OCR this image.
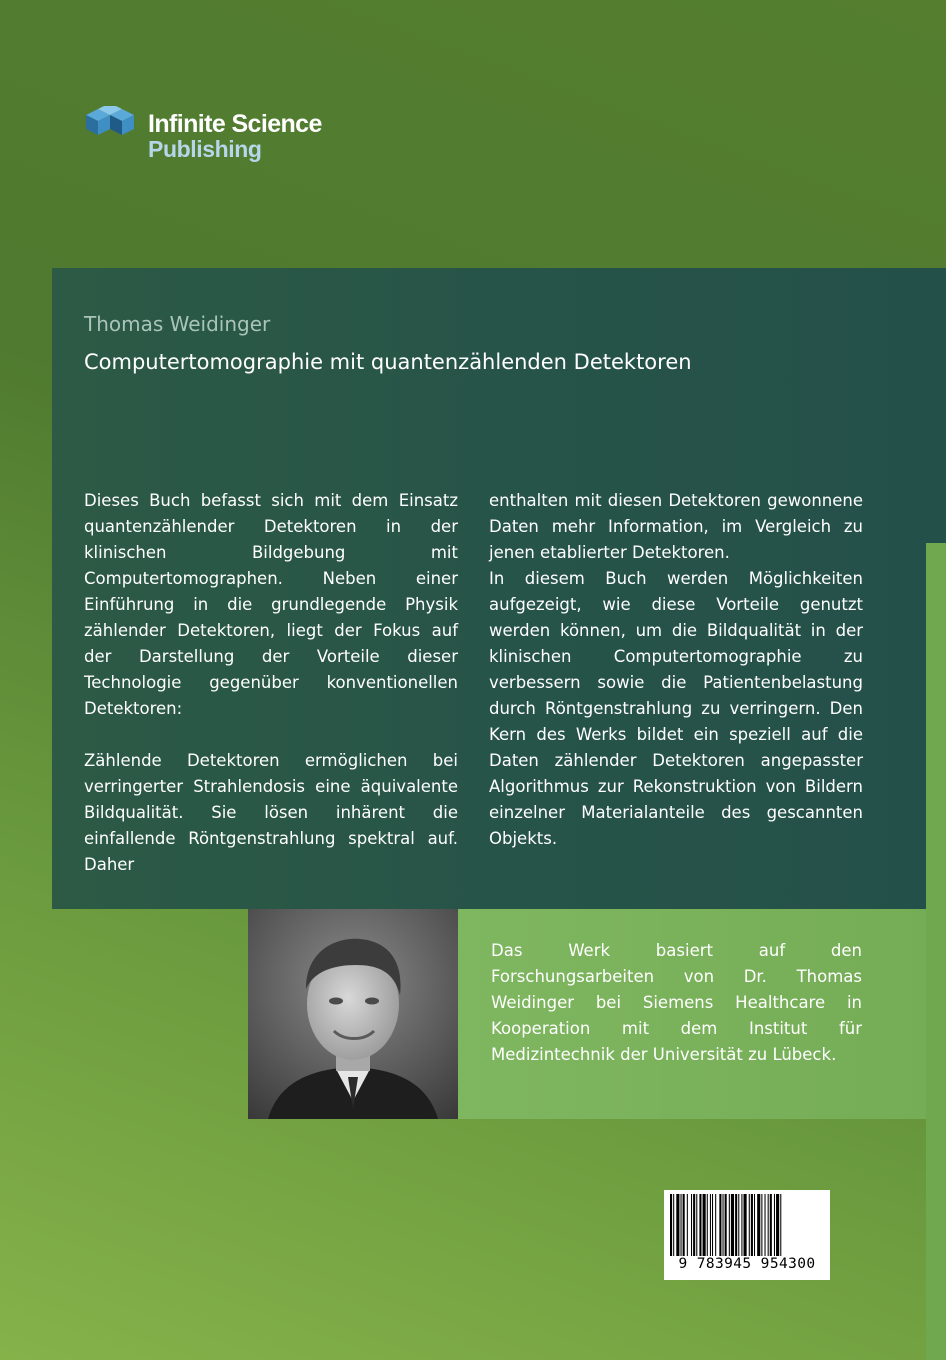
Infinite Science
Publishing
Thomas Weidinger
Computertomographie mit quantenzählenden Detektoren

Dieses Buch befasst sich mit dem Einsatz quantenzählender Detektoren in der klinischen Bildgebung mit Computertomographen. Neben einer Einführung in die grundlegende Physik zählender Detektoren, liegt der Fokus auf der Darstellung der Vorteile dieser Technologie gegenüber konventionellen Detektoren:

Zählende Detektoren ermöglichen bei verringerter Strahlendosis eine äquivalente Bildqualität. Sie lösen inhärent die einfallende Röntgenstrahlung spektral auf. Daher

enthalten mit diesen Detektoren gewonnene Daten mehr Information, im Vergleich zu jenen etablierter Detektoren.

In diesem Buch werden Möglichkeiten aufgezeigt, wie diese Vorteile genutzt werden können, um die Bildqualität in der klinischen Computertomographie zu verbessern sowie die Patientenbelastung durch Röntgenstrahlung zu verringern. Den Kern des Werks bildet ein speziell auf die Daten zählender Detektoren angepasster Algorithmus zur Rekonstruktion von Bildern einzelner Materialanteile des gescannten Objekts.

Das Werk basiert auf den Forschungsarbeiten von Dr. Thomas Weidinger bei Siemens Healthcare in Kooperation mit dem Institut für Medizintechnik der Universität zu Lübeck.

9 783945 954300
